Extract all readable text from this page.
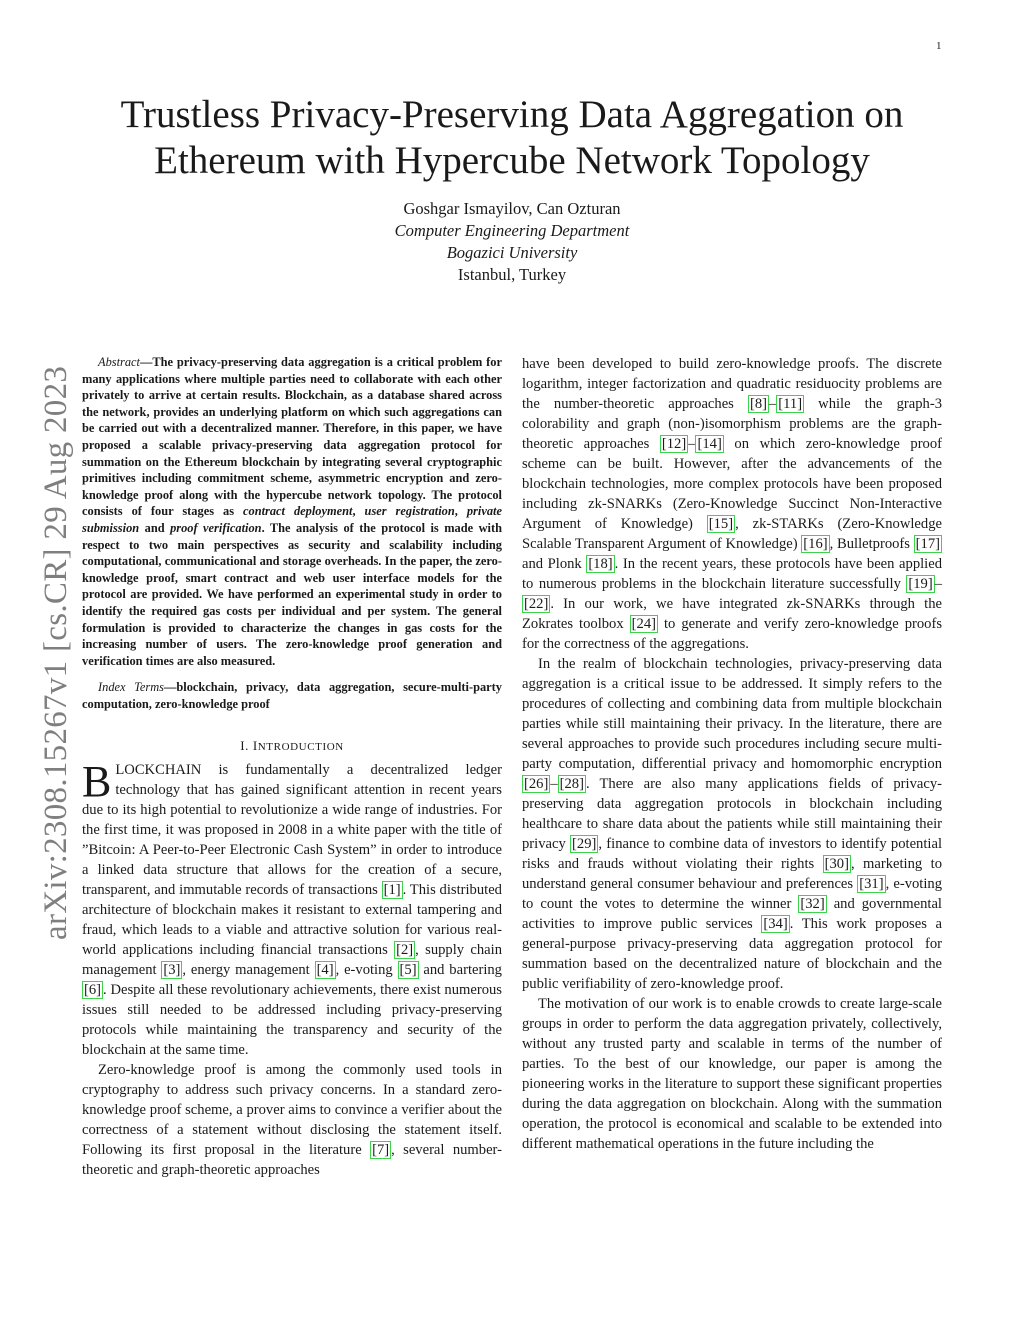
1
arXiv:2308.15267v1 [cs.CR] 29 Aug 2023
Trustless Privacy-Preserving Data Aggregation on
Ethereum with Hypercube Network Topology
Goshgar Ismayilov, Can Ozturan
Computer Engineering Department
Bogazici University
Istanbul, Turkey

Abstract—The privacy-preserving data aggregation is a critical problem for many applications where multiple parties need to collaborate with each other privately to arrive at certain results. Blockchain, as a database shared across the network, provides an underlying platform on which such aggregations can be carried out with a decentralized manner. Therefore, in this paper, we have proposed a scalable privacy-preserving data aggregation protocol for summation on the Ethereum blockchain by integrating several cryptographic primitives including commitment scheme, asymmetric encryption and zero-knowledge proof along with the hypercube network topology. The protocol consists of four stages as contract deployment, user registration, private submission and proof verification. The analysis of the protocol is made with respect to two main perspectives as security and scalability including computational, communicational and storage overheads. In the paper, the zero-knowledge proof, smart contract and web user interface models for the protocol are provided. We have performed an experimental study in order to identify the required gas costs per individual and per system. The general formulation is provided to characterize the changes in gas costs for the increasing number of users. The zero-knowledge proof generation and verification times are also measured.

Index Terms—blockchain, privacy, data aggregation, secure-multi-party computation, zero-knowledge proof

I. INTRODUCTION

BLOCKCHAIN is fundamentally a decentralized ledger technology that has gained significant attention in recent years due to its high potential to revolutionize a wide range of industries. For the first time, it was proposed in 2008 in a white paper with the title of ”Bitcoin: A Peer-to-Peer Electronic Cash System” in order to introduce a linked data structure that allows for the creation of a secure, transparent, and immutable records of transactions [1] . This distributed architecture of blockchain makes it resistant to external tampering and fraud, which leads to a viable and attractive solution for various real-world applications including financial transactions [2] , supply chain management [3] , energy management [4] , e-voting [5] and bartering [6] . Despite all these revolutionary achievements, there exist numerous issues still needed to be addressed including privacy-preserving protocols while maintaining the transparency and security of the blockchain at the same time.

Zero-knowledge proof is among the commonly used tools in cryptography to address such privacy concerns. In a standard zero-knowledge proof scheme, a prover aims to convince a verifier about the correctness of a statement without disclosing the statement itself. Following its first proposal in the literature [7] , several number-theoretic and graph-theoretic approaches

have been developed to build zero-knowledge proofs. The discrete logarithm, integer factorization and quadratic residuocity problems are the number-theoretic approaches [8] – [11] while the graph-3 colorability and graph (non-)isomorphism problems are the graph-theoretic approaches [12] – [14] on which zero-knowledge proof scheme can be built. However, after the advancements of the blockchain technologies, more complex protocols have been proposed including zk-SNARKs (Zero-Knowledge Succinct Non-Interactive Argument of Knowledge) [15] , zk-STARKs (Zero-Knowledge Scalable Transparent Argument of Knowledge) [16] , Bulletproofs [17] and Plonk [18] . In the recent years, these protocols have been applied to numerous problems in the blockchain literature successfully [19] –[22] . In our work, we have integrated zk-SNARKs through the Zokrates toolbox [24] to generate and verify zero-knowledge proofs for the correctness of the aggregations.

In the realm of blockchain technologies, privacy-preserving data aggregation is a critical issue to be addressed. It simply refers to the procedures of collecting and combining data from multiple blockchain parties while still maintaining their privacy. In the literature, there are several approaches to provide such procedures including secure multi-party computation, differential privacy and homomorphic encryption [26] – [28] . There are also many applications fields of privacy-preserving data aggregation protocols in blockchain including healthcare to share data about the patients while still maintaining their privacy [29] , finance to combine data of investors to identify potential risks and frauds without violating their rights [30] , marketing to understand general consumer behaviour and preferences [31] , e-voting to count the votes to determine the winner [32] and governmental activities to improve public services [34] . This work proposes a general-purpose privacy-preserving data aggregation protocol for summation based on the decentralized nature of blockchain and the public verifiability of zero-knowledge proof.

The motivation of our work is to enable crowds to create large-scale groups in order to perform the data aggregation privately, collectively, without any trusted party and scalable in terms of the number of parties. To the best of our knowledge, our paper is among the pioneering works in the literature to support these significant properties during the data aggregation on blockchain. Along with the summation operation, the protocol is economical and scalable to be extended into different mathematical operations in the future including the
